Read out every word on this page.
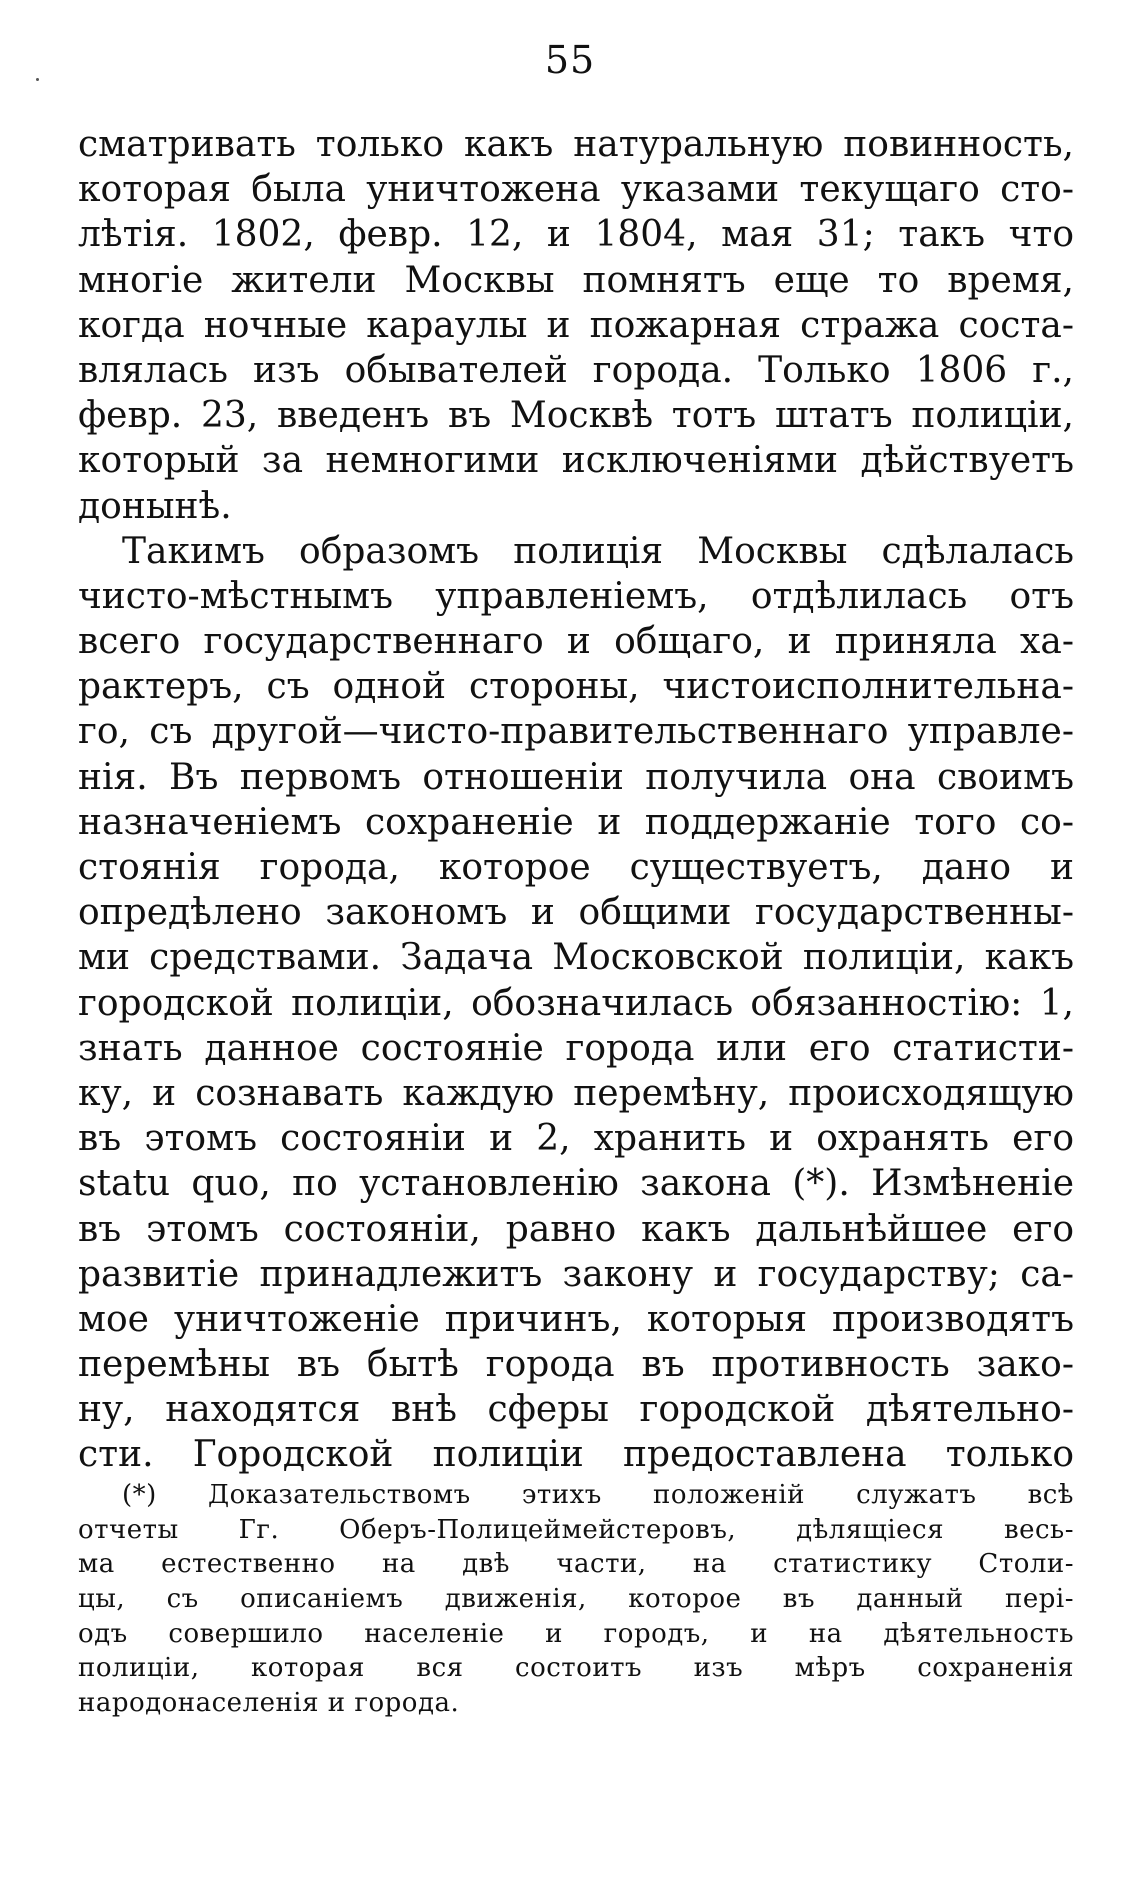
55
сматривать только какъ натуральную повинность,
которая была уничтожена указами текущаго сто-
лѣтія. 1802, февр. 12, и 1804, мая 31; такъ что
многіе жители Москвы помнятъ еще то время,
когда ночные караулы и пожарная стража соста-
влялась изъ обывателей города. Только 1806 г.,
февр. 23, введенъ въ Москвѣ тотъ штатъ полиціи,
который за немногими исключеніями дѣйствуетъ
донынѣ.
Такимъ образомъ полиція Москвы сдѣлалась
чисто-мѣстнымъ управленіемъ, отдѣлилась отъ
всего государственнаго и общаго, и приняла ха-
рактеръ, съ одной стороны, чистоисполнительна-
го, съ другой—чисто-правительственнаго управле-
нія. Въ первомъ отношеніи получила она своимъ
назначеніемъ сохраненіе и поддержаніе того со-
стоянія города, которое существуетъ, дано и
опредѣлено закономъ и общими государственны-
ми средствами. Задача Московской полиціи, какъ
городской полиціи, обозначилась обязанностію: 1,
знать данное состояніе города или его статисти-
ку, и сознавать каждую перемѣну, происходящую
въ этомъ состояніи и 2, хранить и охранять его
statu quo, по установленію закона (*). Измѣненіе
въ этомъ состояніи, равно какъ дальнѣйшее его
развитіе принадлежитъ закону и государству; са-
мое уничтоженіе причинъ, которыя производятъ
перемѣны въ бытѣ города въ противность зако-
ну, находятся внѣ сферы городской дѣятельно-
сти. Городской полиціи предоставлена только
(*) Доказательствомъ этихъ положеній служатъ всѣ
отчеты Гг. Оберъ-Полицеймейстеровъ, дѣлящіеся весь-
ма естественно на двѣ части, на статистику Столи-
цы, съ описаніемъ движенія, которое въ данный пері-
одъ совершило населеніе и городъ, и на дѣятельность
полиціи, которая вся состоитъ изъ мѣръ сохраненія
народонаселенія и города.
